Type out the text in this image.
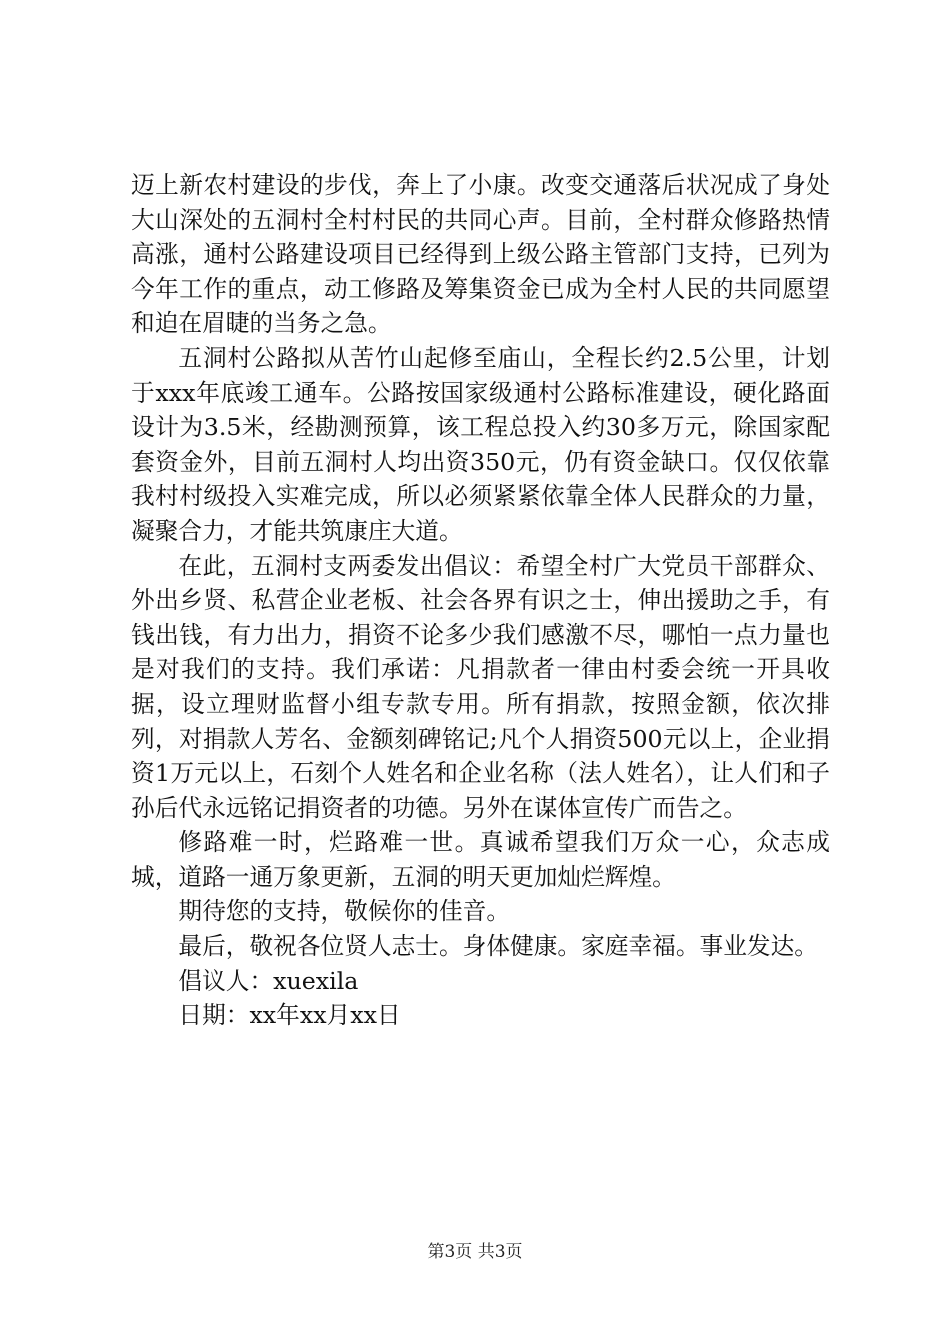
迈上新农村建设的步伐，奔上了小康。改变交通落后状况成了身处大山深处的五洞村全村村民的共同心声。目前，全村群众修路热情高涨，通村公路建设项目已经得到上级公路主管部门支持，已列为今年工作的重点，动工修路及筹集资金已成为全村人民的共同愿望和迫在眉睫的当务之急。

五洞村公路拟从苦竹山起修至庙山，全程长约2.5公里，计划于xxx年底竣工通车。公路按国家级通村公路标准建设，硬化路面设计为3.5米，经勘测预算，该工程总投入约30多万元，除国家配套资金外，目前五洞村人均出资350元，仍有资金缺口。仅仅依靠我村村级投入实难完成，所以必须紧紧依靠全体人民群众的力量，凝聚合力，才能共筑康庄大道。

在此，五洞村支两委发出倡议：希望全村广大党员干部群众、外出乡贤、私营企业老板、社会各界有识之士，伸出援助之手，有钱出钱，有力出力，捐资不论多少我们感激不尽，哪怕一点力量也是对我们的支持。我们承诺：凡捐款者一律由村委会统一开具收据，设立理财监督小组专款专用。所有捐款，按照金额，依次排列，对捐款人芳名、金额刻碑铭记;凡个人捐资500元以上，企业捐资1万元以上，石刻个人姓名和企业名称（法人姓名），让人们和子孙后代永远铭记捐资者的功德。另外在谋体宣传广而告之。

修路难一时，烂路难一世。真诚希望我们万众一心，众志成城，道路一通万象更新，五洞的明天更加灿烂辉煌。

期待您的支持，敬候你的佳音。

最后，敬祝各位贤人志士。身体健康。家庭幸福。事业发达。

倡议人：xuexila

日期：xx年xx月xx日

第3页 共3页
